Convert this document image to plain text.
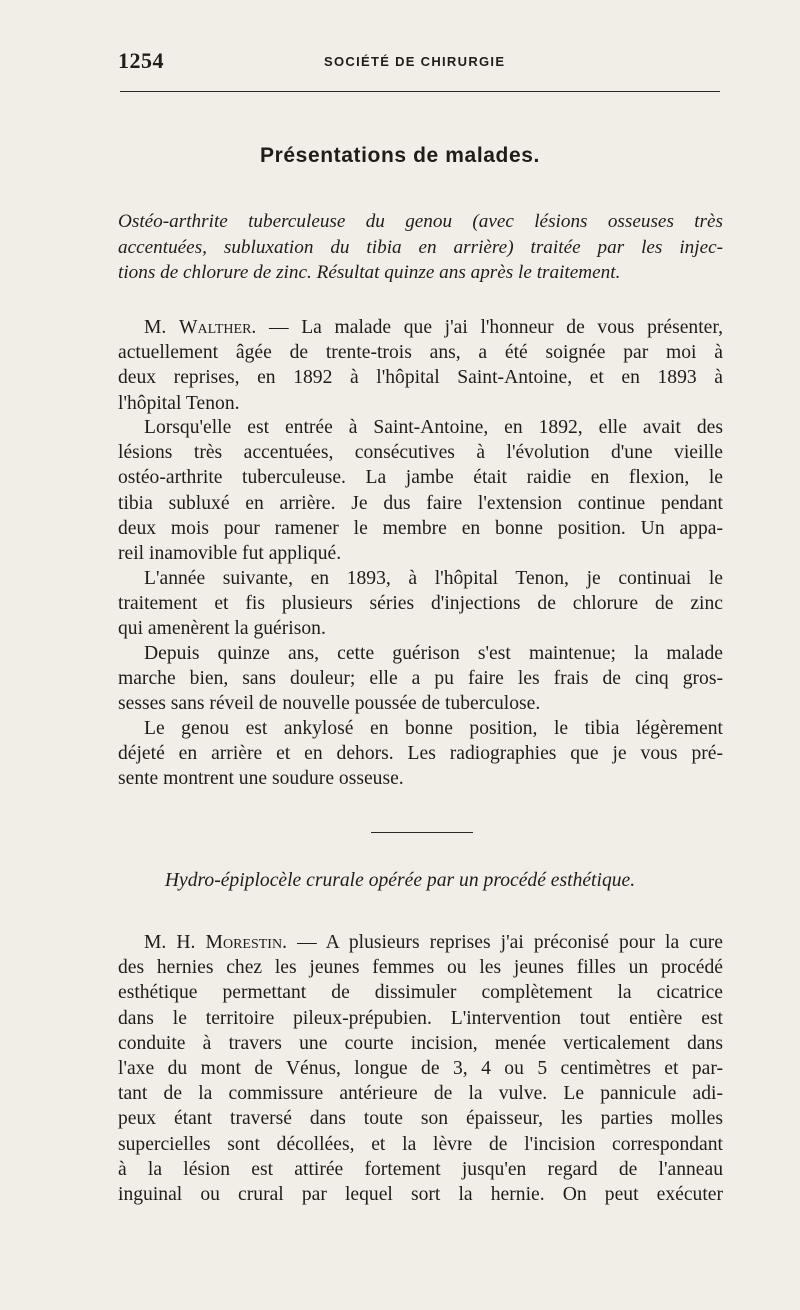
1254	SOCIÉTÉ DE CHIRURGIE
Présentations de malades.
Ostéo-arthrite tuberculeuse du genou (avec lésions osseuses très
accentuées, subluxation du tibia en arrière) traitée par les injec-
tions de chlorure de zinc. Résultat quinze ans après le traitement.
M. Walther. — La malade que j'ai l'honneur de vous présenter,
actuellement âgée de trente-trois ans, a été soignée par moi à
deux reprises, en 1892 à l'hôpital Saint-Antoine, et en 1893 à
l'hôpital Tenon.
Lorsqu'elle est entrée à Saint-Antoine, en 1892, elle avait des
lésions très accentuées, consécutives à l'évolution d'une vieille
ostéo-arthrite tuberculeuse. La jambe était raidie en flexion, le
tibia subluxé en arrière. Je dus faire l'extension continue pendant
deux mois pour ramener le membre en bonne position. Un appa-
reil inamovible fut appliqué.
L'année suivante, en 1893, à l'hôpital Tenon, je continuai le
traitement et fis plusieurs séries d'injections de chlorure de zinc
qui amenèrent la guérison.
Depuis quinze ans, cette guérison s'est maintenue; la malade
marche bien, sans douleur; elle a pu faire les frais de cinq gros-
sesses sans réveil de nouvelle poussée de tuberculose.
Le genou est ankylosé en bonne position, le tibia légèrement
déjeté en arrière et en dehors. Les radiographies que je vous pré-
sente montrent une soudure osseuse.
Hydro-épiplocèle crurale opérée par un procédé esthétique.
M. H. Morestin. — A plusieurs reprises j'ai préconisé pour la cure
des hernies chez les jeunes femmes ou les jeunes filles un procédé
esthétique permettant de dissimuler complètement la cicatrice
dans le territoire pileux-prépubien. L'intervention tout entière est
conduite à travers une courte incision, menée verticalement dans
l'axe du mont de Vénus, longue de 3, 4 ou 5 centimètres et par-
tant de la commissure antérieure de la vulve. Le pannicule adi-
peux étant traversé dans toute son épaisseur, les parties molles
supercielles sont décollées, et la lèvre de l'incision correspondant
à la lésion est attirée fortement jusqu'en regard de l'anneau
inguinal ou crural par lequel sort la hernie. On peut exécuter
